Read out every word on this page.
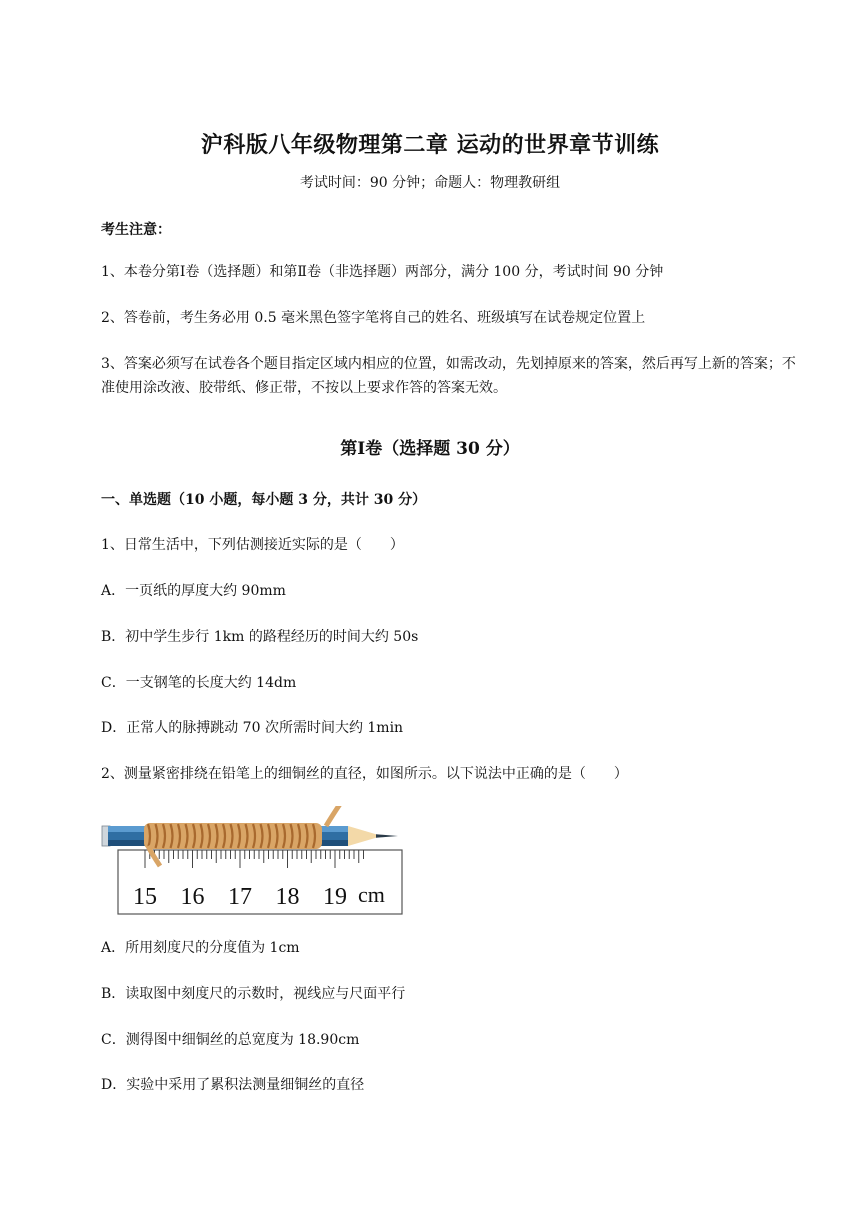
沪科版八年级物理第二章 运动的世界章节训练
考试时间：90 分钟；命题人：物理教研组
考生注意：
1、本卷分第Ⅰ卷（选择题）和第Ⅱ卷（非选择题）两部分，满分 100 分，考试时间 90 分钟
2、答卷前，考生务必用 0.5 毫米黑色签字笔将自己的姓名、班级填写在试卷规定位置上
3、答案必须写在试卷各个题目指定区域内相应的位置，如需改动，先划掉原来的答案，然后再写上新的答案；不准使用涂改液、胶带纸、修正带，不按以上要求作答的答案无效。
第Ⅰ卷（选择题 30 分）
一、单选题（10 小题，每小题 3 分，共计 30 分）
1、日常生活中，下列估测接近实际的是（　　）
A．一页纸的厚度大约 90mm
B．初中学生步行 1km 的路程经历的时间大约 50s
C．一支钢笔的长度大约 14dm
D．正常人的脉搏跳动 70 次所需时间大约 1min
2、测量紧密排绕在铅笔上的细铜丝的直径，如图所示。以下说法中正确的是（　　）
15 16 17 18 19 cm
A．所用刻度尺的分度值为 1cm
B．读取图中刻度尺的示数时，视线应与尺面平行
C．测得图中细铜丝的总宽度为 18.90cm
D．实验中采用了累积法测量细铜丝的直径
